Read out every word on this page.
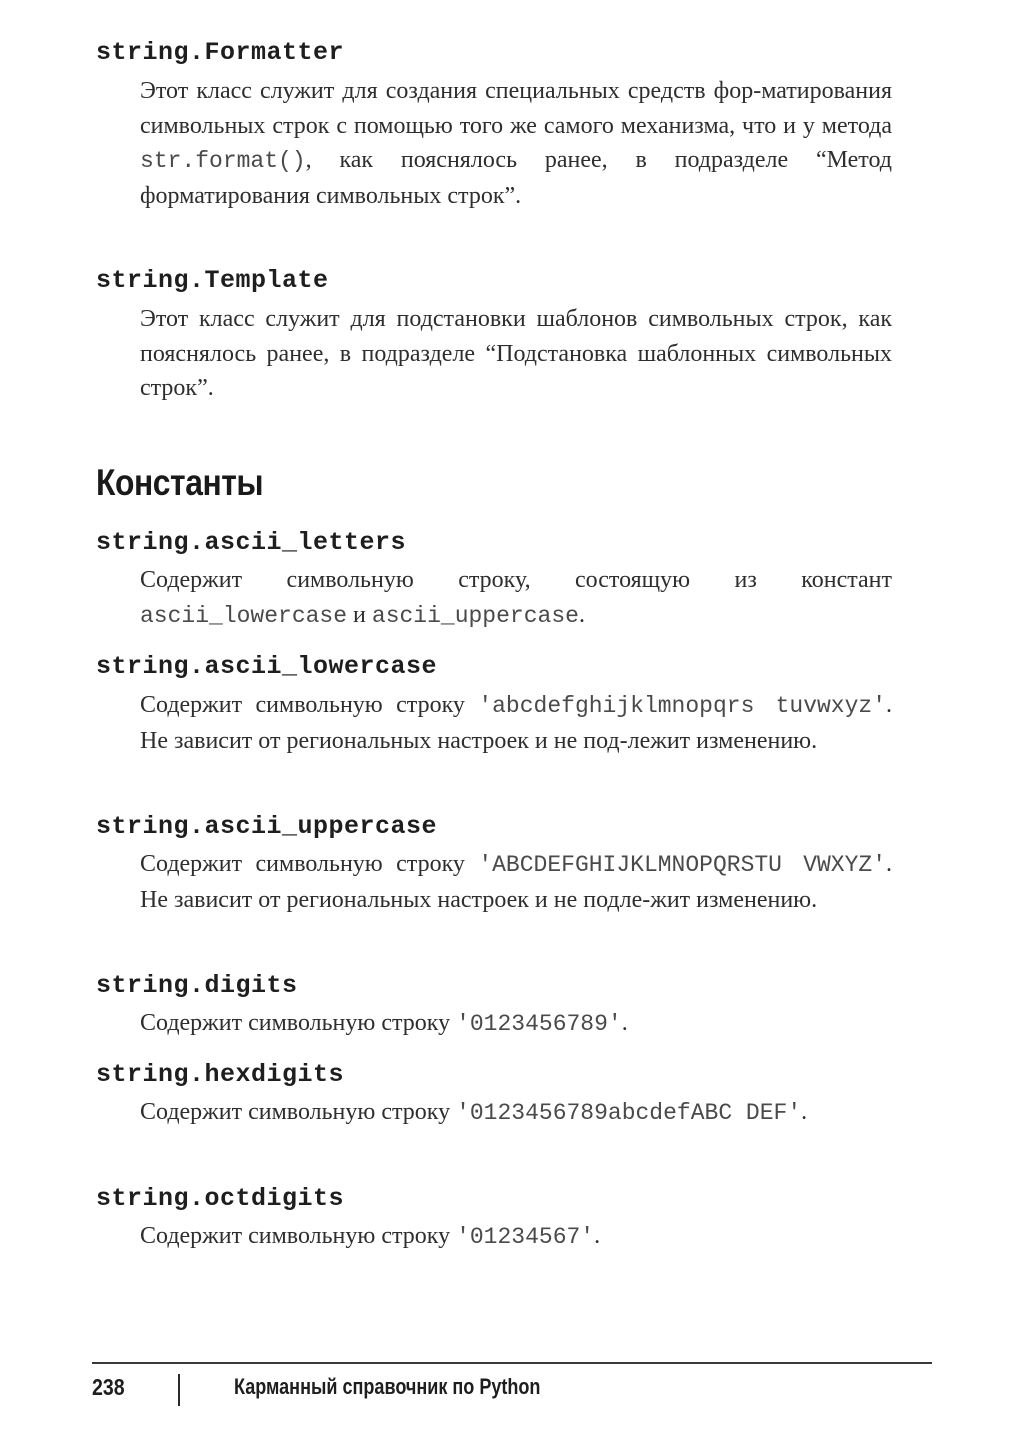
string.Formatter
Этот класс служит для создания специальных средств фор-матирования символьных строк с помощью того же самого механизма, что и у метода str.format(), как пояснялось ранее, в подразделе “Метод форматирования символьных строк”.
string.Template
Этот класс служит для подстановки шаблонов символьных строк, как пояснялось ранее, в подразделе “Подстановка шаблонных символьных строк”.
Константы
string.ascii_letters
Содержит символьную строку, состоящую из констант ascii_lowercase и ascii_uppercase.
string.ascii_lowercase
Содержит символьную строку 'abcdefghijklmnopqrs tuvwxyz'. Не зависит от региональных настроек и не под-лежит изменению.
string.ascii_uppercase
Содержит символьную строку 'ABCDEFGHIJKLMNOPQRSTU VWXYZ'. Не зависит от региональных настроек и не подле-жит изменению.
string.digits
Содержит символьную строку '0123456789'.
string.hexdigits
Содержит символьную строку '0123456789abcdefABC DEF'.
string.octdigits
Содержит символьную строку '01234567'.
238	Карманный справочник по Python
